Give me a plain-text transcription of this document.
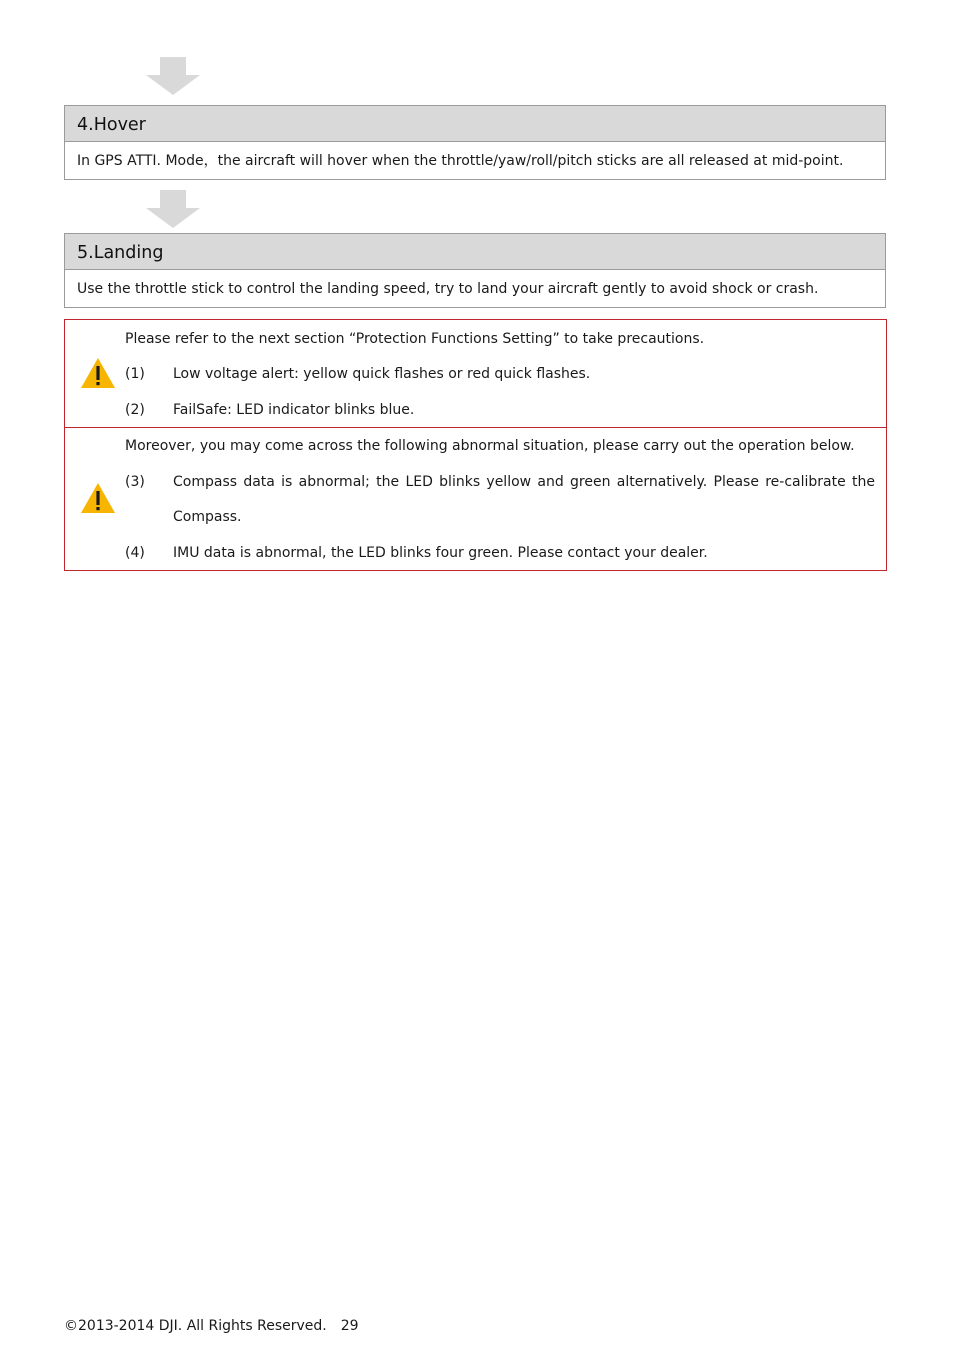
4.Hover
In GPS ATTI. Mode，the aircraft will hover when the throttle/yaw/roll/pitch sticks are all released at mid-point.
5.Landing
Use the throttle stick to control the landing speed, try to land your aircraft gently to avoid shock or crash.
Please refer to the next section “Protection Functions Setting” to take precautions.
(1) Low voltage alert: yellow quick flashes or red quick flashes.
(2) FailSafe: LED indicator blinks blue.
Moreover, you may come across the following abnormal situation, please carry out the operation below.
(3) Compass data is abnormal; the LED blinks yellow and green alternatively. Please re-calibrate the
Compass.
(4) IMU data is abnormal, the LED blinks four green. Please contact your dealer.
©2013-2014 DJI. All Rights Reserved. 29
